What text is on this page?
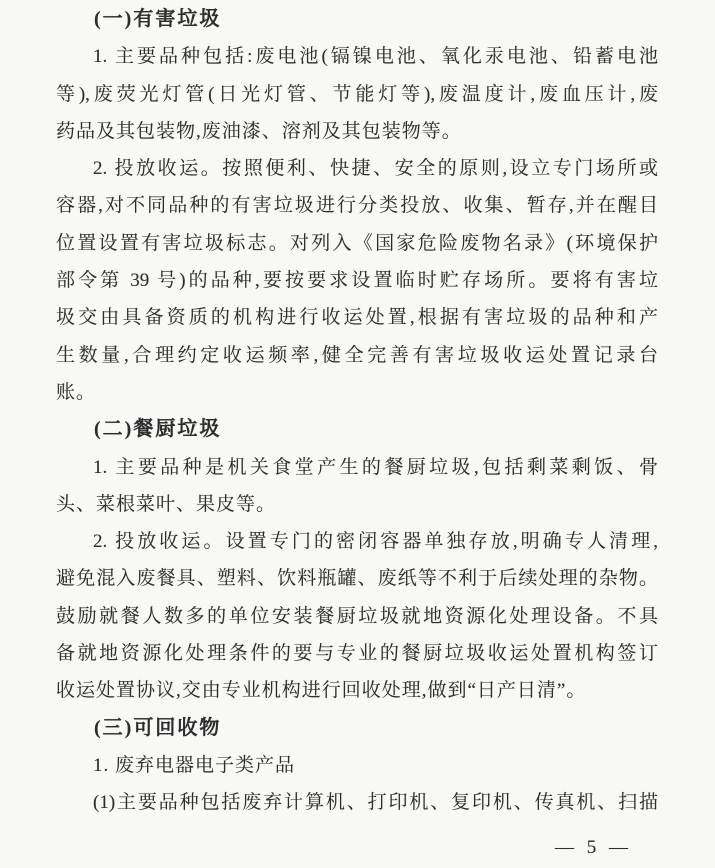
(一)有害垃圾
1. 主要品种包括:废电池(镉镍电池、氧化汞电池、铅蓄电池
等),废荧光灯管(日光灯管、节能灯等),废温度计,废血压计,废
药品及其包装物,废油漆、溶剂及其包装物等。
2. 投放收运。按照便利、快捷、安全的原则,设立专门场所或
容器,对不同品种的有害垃圾进行分类投放、收集、暂存,并在醒目
位置设置有害垃圾标志。对列入《国家危险废物名录》(环境保护
部令第 39 号)的品种,要按要求设置临时贮存场所。要将有害垃
圾交由具备资质的机构进行收运处置,根据有害垃圾的品种和产
生数量,合理约定收运频率,健全完善有害垃圾收运处置记录台
账。
(二)餐厨垃圾
1. 主要品种是机关食堂产生的餐厨垃圾,包括剩菜剩饭、骨
头、菜根菜叶、果皮等。
2. 投放收运。设置专门的密闭容器单独存放,明确专人清理,
避免混入废餐具、塑料、饮料瓶罐、废纸等不利于后续处理的杂物。
鼓励就餐人数多的单位安装餐厨垃圾就地资源化处理设备。不具
备就地资源化处理条件的要与专业的餐厨垃圾收运处置机构签订
收运处置协议,交由专业机构进行回收处理,做到“日产日清”。
(三)可回收物
1. 废弃电器电子类产品
(1)主要品种包括废弃计算机、打印机、复印机、传真机、扫描
— 5 —
